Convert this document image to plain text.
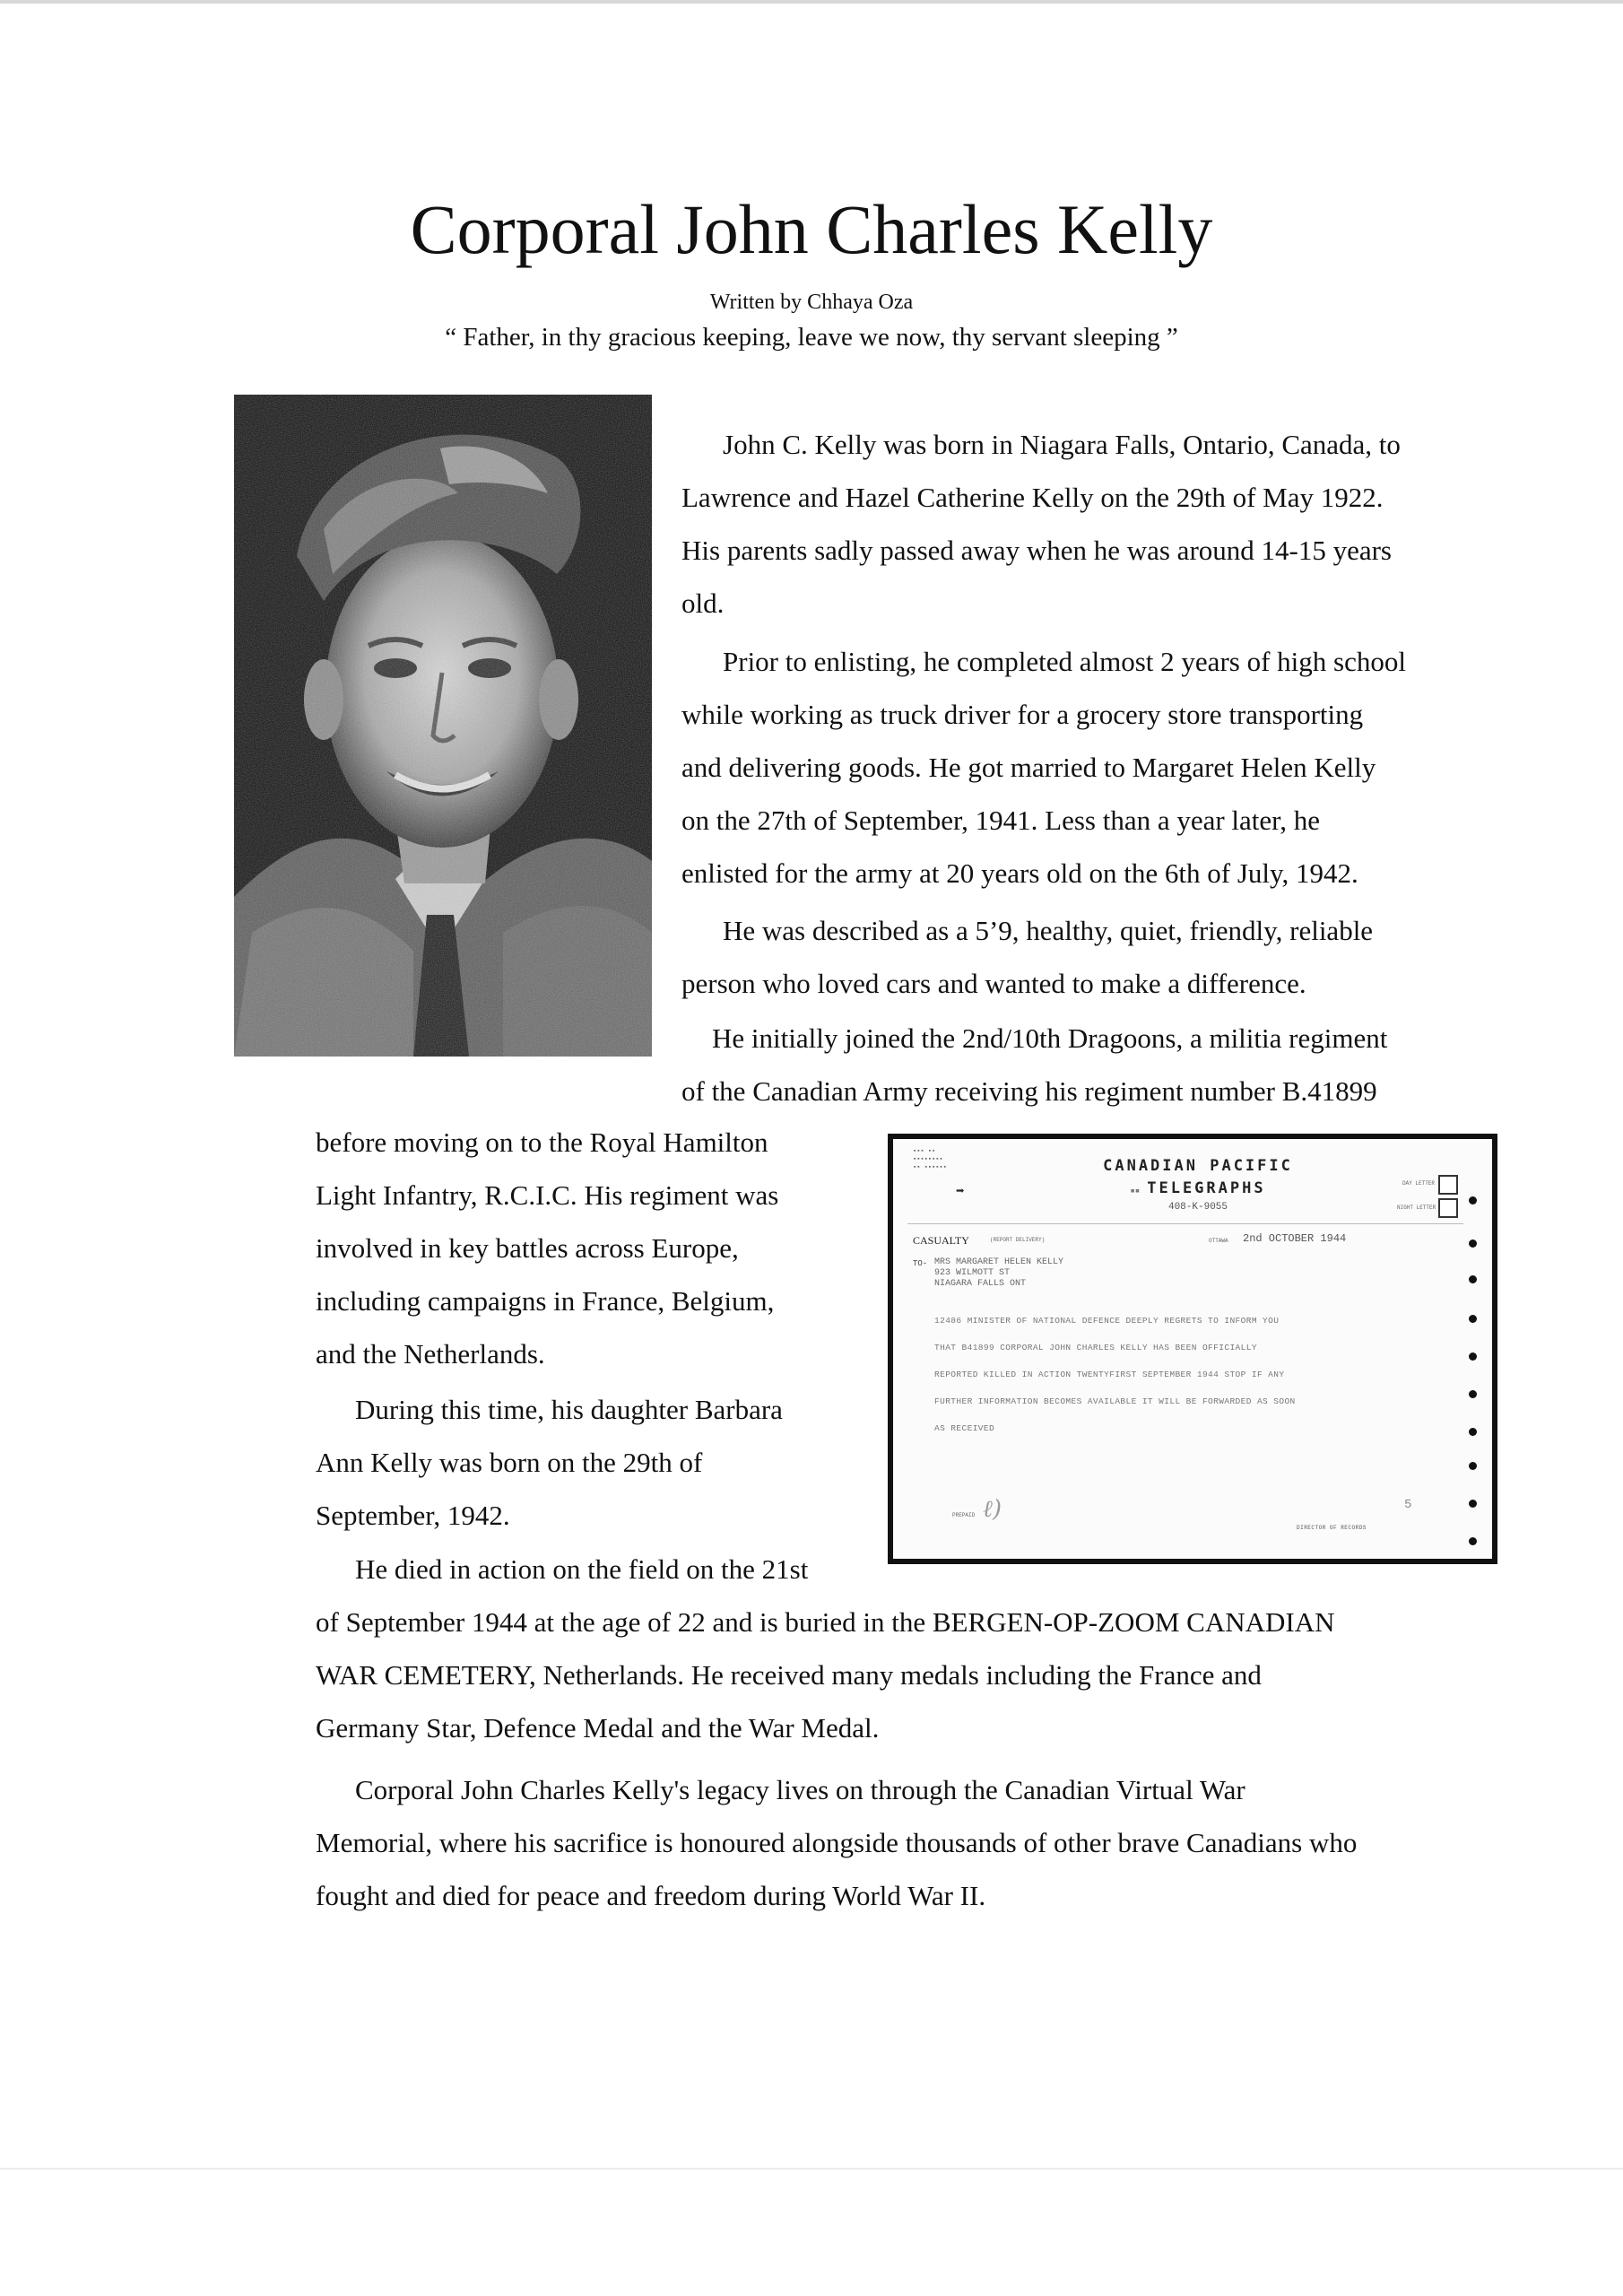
Corporal John Charles Kelly
Written by Chhaya Oza
“ Father, in thy gracious keeping, leave we now, thy servant sleeping ”
John C. Kelly was born in Niagara Falls, Ontario, Canada, to
Lawrence and Hazel Catherine Kelly on the 29th of May 1922.
His parents sadly passed away when he was around 14-15 years
old.
Prior to enlisting, he completed almost 2 years of high school
while working as truck driver for a grocery store transporting
and delivering goods. He got married to Margaret Helen Kelly
on the 27th of September, 1941. Less than a year later, he
enlisted for the army at 20 years old on the 6th of July, 1942.
He was described as a 5’9, healthy, quiet, friendly, reliable
person who loved cars and wanted to make a difference.
He initially joined the 2nd/10th Dragoons, a militia regiment
of the Canadian Army receiving his regiment number B.41899
before moving on to the Royal Hamilton
Light Infantry, R.C.I.C. His regiment was
involved in key battles across Europe,
including campaigns in France, Belgium,
and the Netherlands.
During this time, his daughter Barbara
Ann Kelly was born on the 29th of
September, 1942.
He died in action on the field on the 21st
of September 1944 at the age of 22 and is buried in the BERGEN-OP-ZOOM CANADIAN
WAR CEMETERY, Netherlands. He received many medals including the France and
Germany Star, Defence Medal and the War Medal.
Corporal John Charles Kelly's legacy lives on through the Canadian Virtual War
Memorial, where his sacrifice is honoured alongside thousands of other brave Canadians who
fought and died for peace and freedom during World War II.
▪▪▪ ▪▪
▪▪▪▪▪▪▪▪
▪▪ ▪▪▪▪▪▪
➡
CANADIAN PACIFIC
▪▪ TELEGRAPHS
408-K-9055
DAY LETTER
NIGHT LETTER
CASUALTY	(REPORT DELIVERY)	OTTAWA 2nd OCTOBER 1944
TO- MRS MARGARET HELEN KELLY
923 WILMOTT ST
NIAGARA FALLS ONT
12486 MINISTER OF NATIONAL DEFENCE DEEPLY REGRETS TO INFORM YOU
THAT B41899 CORPORAL JOHN CHARLES KELLY HAS BEEN OFFICIALLY
REPORTED KILLED IN ACTION TWENTYFIRST SEPTEMBER 1944 STOP IF ANY
FURTHER INFORMATION BECOMES AVAILABLE IT WILL BE FORWARDED AS SOON
AS RECEIVED
PREPAID ℓ)	5
DIRECTOR OF RECORDS
